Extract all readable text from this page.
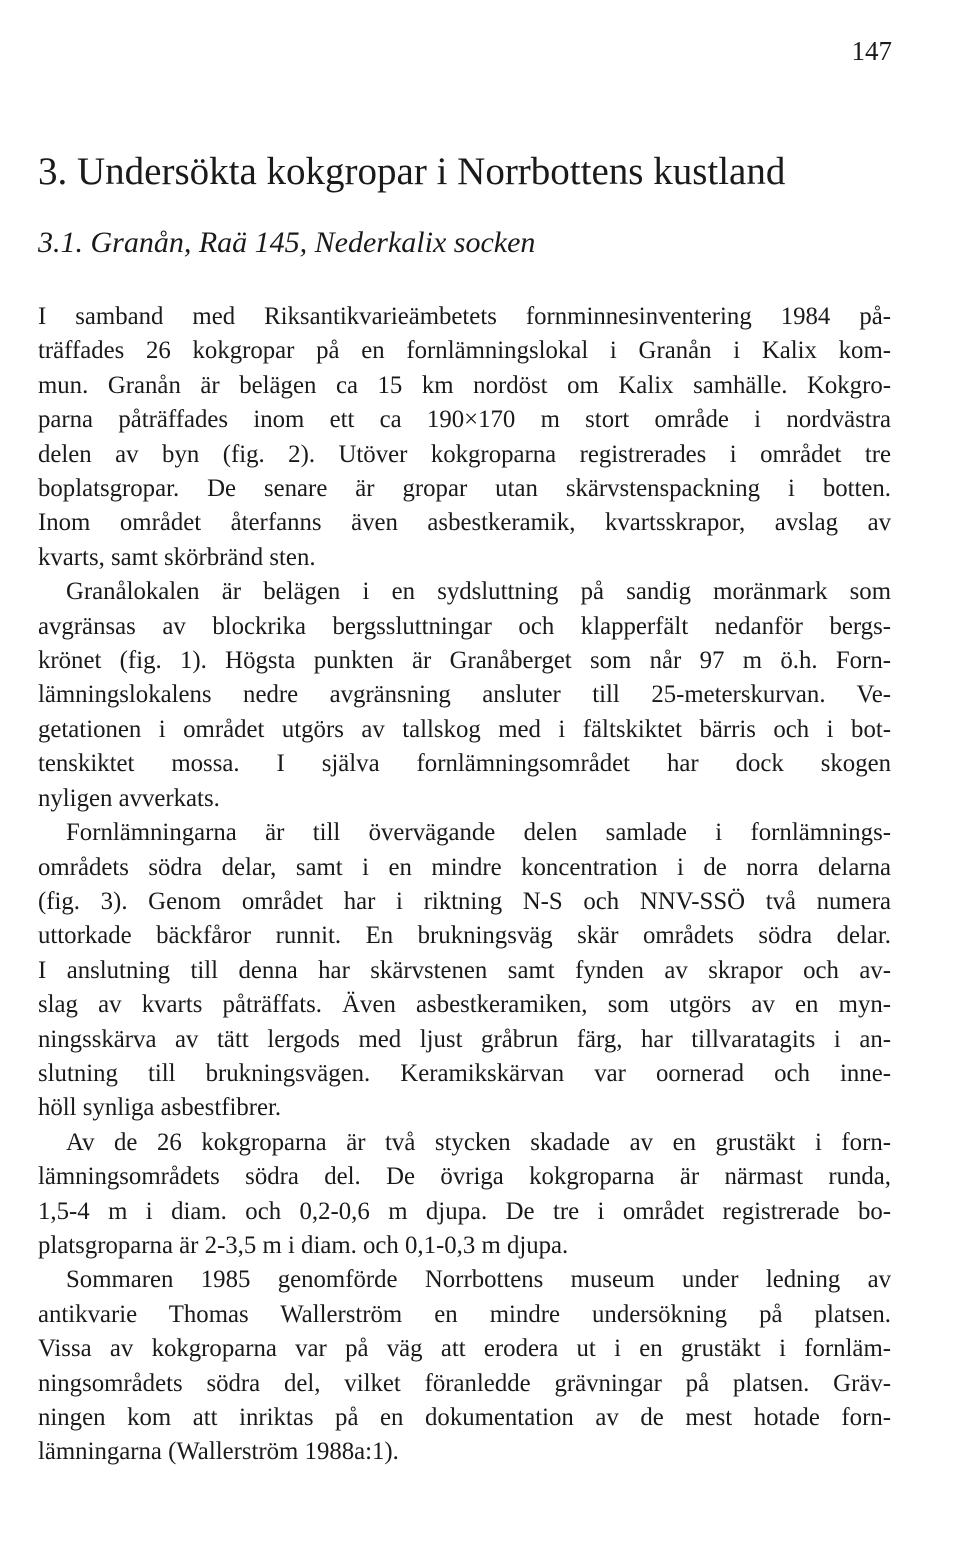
147
3. Undersökta kokgropar i Norrbottens kustland
3.1. Granån, Raä 145, Nederkalix socken

I samband med Riksantikvarieämbetets fornminnesinventering 1984 på-
träffades 26 kokgropar på en fornlämningslokal i Granån i Kalix kom-
mun. Granån är belägen ca 15 km nordöst om Kalix samhälle. Kokgro-
parna påträffades inom ett ca 190×170 m stort område i nordvästra
delen av byn (fig. 2). Utöver kokgroparna registrerades i området tre
boplatsgropar. De senare är gropar utan skärvstenspackning i botten.
Inom området återfanns även asbestkeramik, kvartsskrapor, avslag av
kvarts, samt skörbränd sten.

Granålokalen är belägen i en sydsluttning på sandig moränmark som
avgränsas av blockrika bergssluttningar och klapperfält nedanför bergs-
krönet (fig. 1). Högsta punkten är Granåberget som når 97 m ö.h. Forn-
lämningslokalens nedre avgränsning ansluter till 25-meterskurvan. Ve-
getationen i området utgörs av tallskog med i fältskiktet bärris och i bot-
tenskiktet mossa. I själva fornlämningsområdet har dock skogen
nyligen avverkats.

Fornlämningarna är till övervägande delen samlade i fornlämnings-
områdets södra delar, samt i en mindre koncentration i de norra delarna
(fig. 3). Genom området har i riktning N-S och NNV-SSÖ två numera
uttorkade bäckfåror runnit. En brukningsväg skär områdets södra delar.
I anslutning till denna har skärvstenen samt fynden av skrapor och av-
slag av kvarts påträffats. Även asbestkeramiken, som utgörs av en myn-
ningsskärva av tätt lergods med ljust gråbrun färg, har tillvaratagits i an-
slutning till brukningsvägen. Keramikskärvan var oornerad och inne-
höll synliga asbestfibrer.

Av de 26 kokgroparna är två stycken skadade av en grustäkt i forn-
lämningsområdets södra del. De övriga kokgroparna är närmast runda,
1,5-4 m i diam. och 0,2-0,6 m djupa. De tre i området registrerade bo-
platsgroparna är 2-3,5 m i diam. och 0,1-0,3 m djupa.

Sommaren 1985 genomförde Norrbottens museum under ledning av
antikvarie Thomas Wallerström en mindre undersökning på platsen.
Vissa av kokgroparna var på väg att erodera ut i en grustäkt i fornläm-
ningsområdets södra del, vilket föranledde grävningar på platsen. Gräv-
ningen kom att inriktas på en dokumentation av de mest hotade forn-
lämningarna (Wallerström 1988a:1).
